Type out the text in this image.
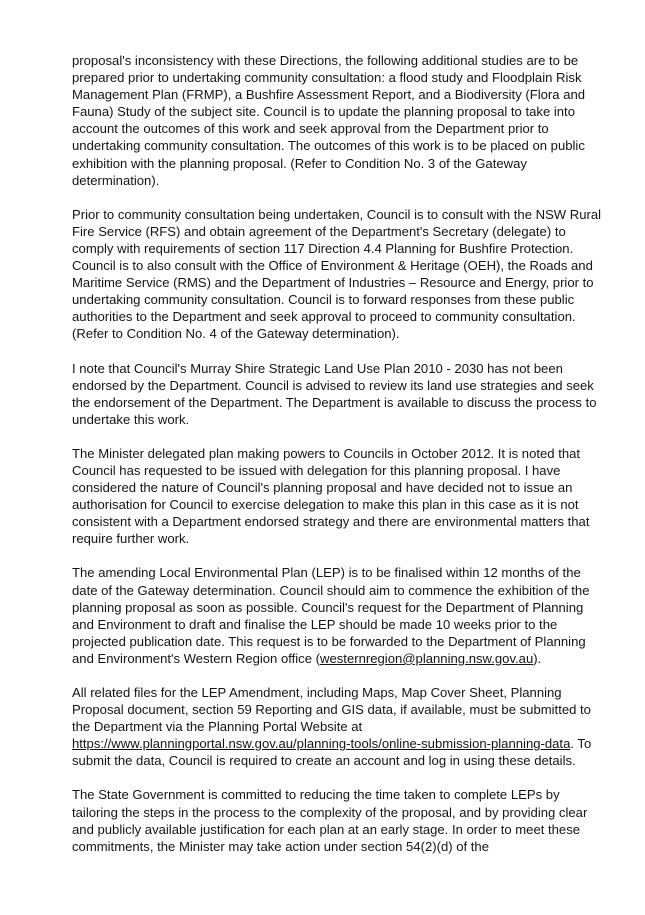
proposal's inconsistency with these Directions, the following additional studies are to be prepared prior to undertaking community consultation: a flood study and Floodplain Risk Management Plan (FRMP), a Bushfire Assessment Report, and a Biodiversity (Flora and Fauna) Study of the subject site. Council is to update the planning proposal to take into account the outcomes of this work and seek approval from the Department prior to undertaking community consultation. The outcomes of this work is to be placed on public exhibition with the planning proposal. (Refer to Condition No. 3 of the Gateway determination).

Prior to community consultation being undertaken, Council is to consult with the NSW Rural Fire Service (RFS) and obtain agreement of the Department's Secretary (delegate) to comply with requirements of section 117 Direction 4.4 Planning for Bushfire Protection. Council is to also consult with the Office of Environment & Heritage (OEH), the Roads and Maritime Service (RMS) and the Department of Industries – Resource and Energy, prior to undertaking community consultation. Council is to forward responses from these public authorities to the Department and seek approval to proceed to community consultation. (Refer to Condition No. 4 of the Gateway determination).

I note that Council's Murray Shire Strategic Land Use Plan 2010 - 2030 has not been endorsed by the Department. Council is advised to review its land use strategies and seek the endorsement of the Department. The Department is available to discuss the process to undertake this work.

The Minister delegated plan making powers to Councils in October 2012. It is noted that Council has requested to be issued with delegation for this planning proposal. I have considered the nature of Council's planning proposal and have decided not to issue an authorisation for Council to exercise delegation to make this plan in this case as it is not consistent with a Department endorsed strategy and there are environmental matters that require further work.

The amending Local Environmental Plan (LEP) is to be finalised within 12 months of the date of the Gateway determination. Council should aim to commence the exhibition of the planning proposal as soon as possible. Council's request for the Department of Planning and Environment to draft and finalise the LEP should be made 10 weeks prior to the projected publication date. This request is to be forwarded to the Department of Planning and Environment's Western Region office (westernregion@planning.nsw.gov.au).

All related files for the LEP Amendment, including Maps, Map Cover Sheet, Planning Proposal document, section 59 Reporting and GIS data, if available, must be submitted to the Department via the Planning Portal Website at https://www.planningportal.nsw.gov.au/planning-tools/online-submission-planning-data. To submit the data, Council is required to create an account and log in using these details.

The State Government is committed to reducing the time taken to complete LEPs by tailoring the steps in the process to the complexity of the proposal, and by providing clear and publicly available justification for each plan at an early stage. In order to meet these commitments, the Minister may take action under section 54(2)(d) of the
